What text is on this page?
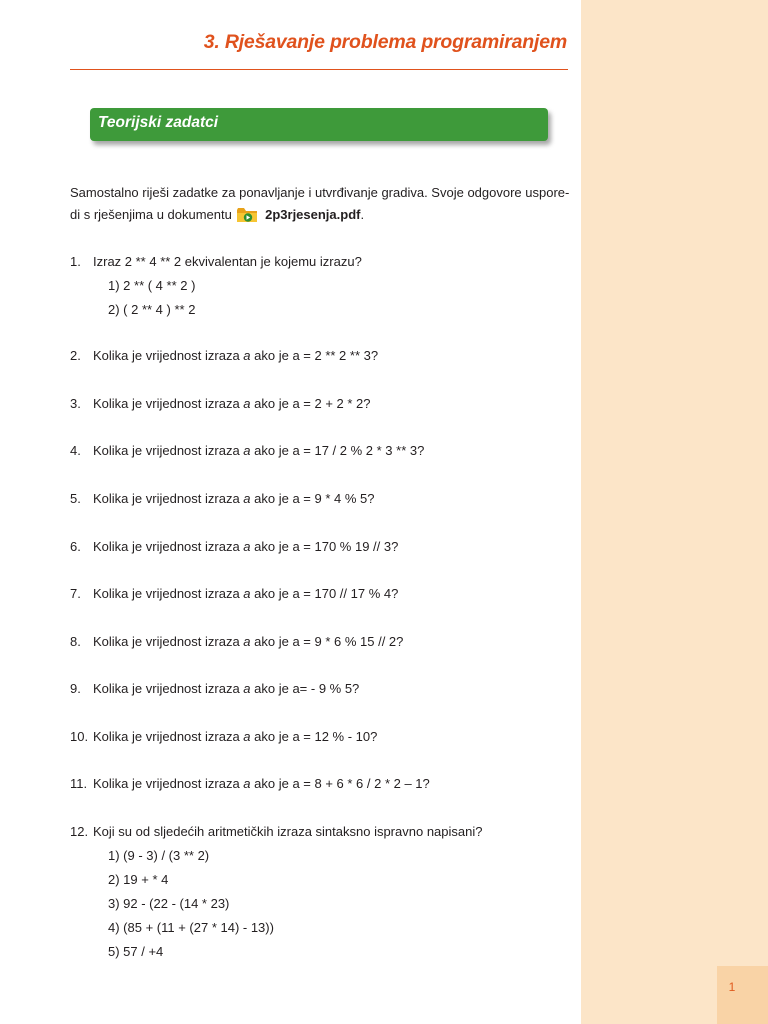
1
3. Rješavanje problema programiranjem
Teorijski zadatci
Samostalno riješi zadatke za ponavljanje i utvrđivanje gradiva. Svoje odgovore uspore-
di s rješenjima u dokumentu	2p3rjesenja.pdf.
1. Izraz 2 ** 4 ** 2 ekvivalentan je kojemu izrazu?
1) 2 ** ( 4 ** 2 )
2) ( 2 ** 4 ) ** 2
2. Kolika je vrijednost izraza a ako je a = 2 ** 2 ** 3?
3. Kolika je vrijednost izraza a ako je a = 2 + 2 * 2?
4. Kolika je vrijednost izraza a ako je a = 17 / 2 % 2 * 3 ** 3?
5. Kolika je vrijednost izraza a ako je a = 9 * 4 % 5?
6. Kolika je vrijednost izraza a ako je a = 170 % 19 // 3?
7. Kolika je vrijednost izraza a ako je a = 170 // 17 % 4?
8. Kolika je vrijednost izraza a ako je a = 9 * 6 % 15 // 2?
9. Kolika je vrijednost izraza a ako je a= - 9 % 5?
10. Kolika je vrijednost izraza a ako je a = 12 % - 10?
11. Kolika je vrijednost izraza a ako je a = 8 + 6 * 6 / 2 * 2 – 1?
12. Koji su od sljedećih aritmetičkih izraza sintaksno ispravno napisani?
1) (9 - 3) / (3 ** 2)
2) 19 + * 4
3) 92 - (22 - (14 * 23)
4) (85 + (11 + (27 * 14) - 13))
5) 57 / +4
